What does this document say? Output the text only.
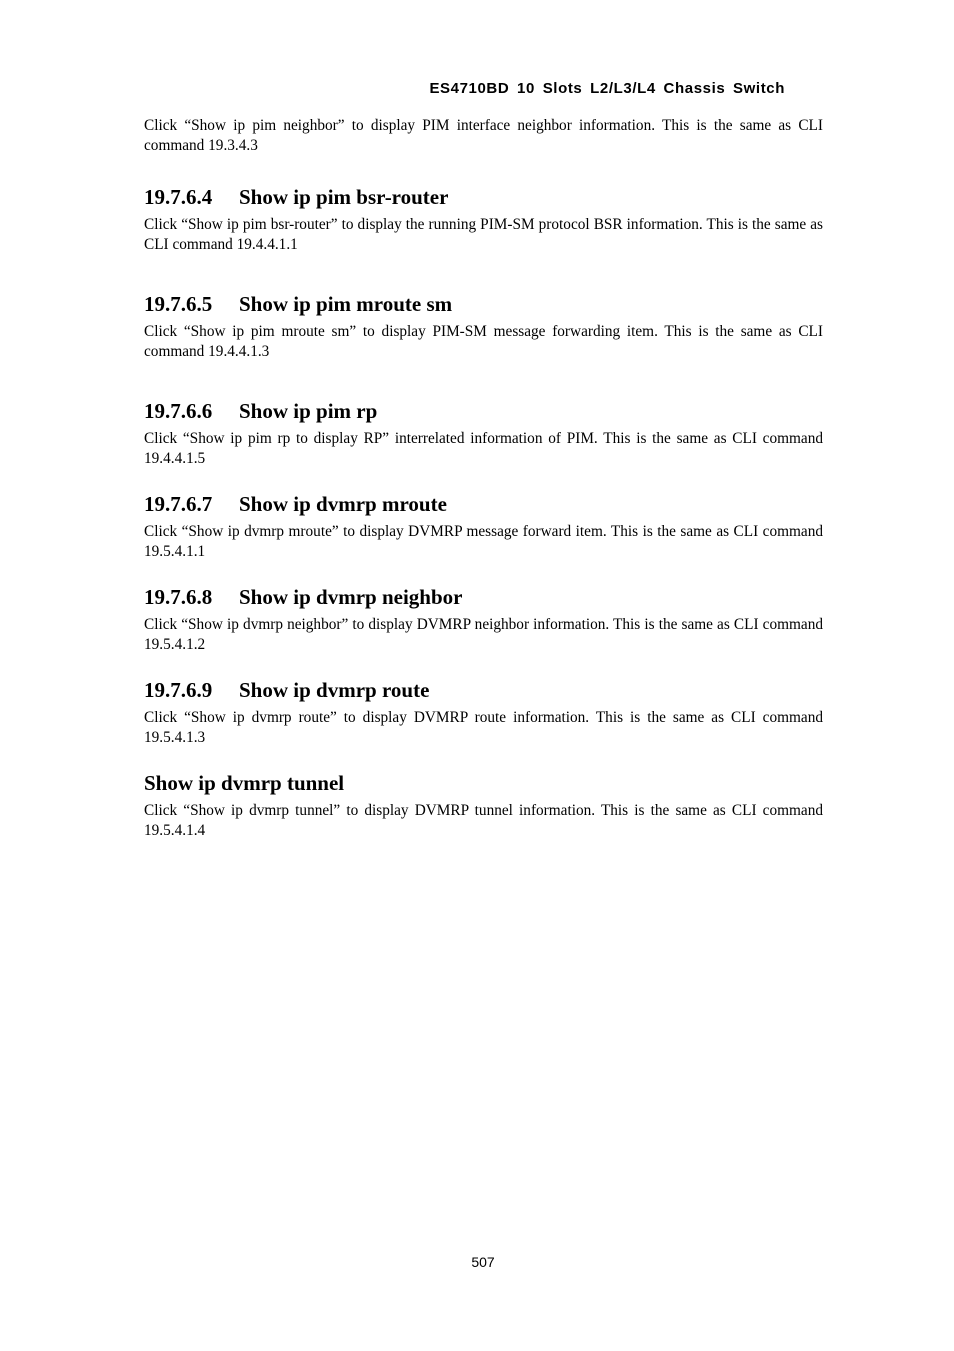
ES4710BD 10 Slots L2/L3/L4 Chassis Switch

Click “Show ip pim neighbor” to display PIM interface neighbor information. This is the same as CLI command 19.3.4.3

19.7.6.4	Show ip pim bsr-router

Click “Show ip pim bsr-router” to display the running PIM-SM protocol BSR information. This is the same as CLI command 19.4.4.1.1

19.7.6.5	Show ip pim mroute sm

Click “Show ip pim mroute sm” to display PIM-SM message forwarding item. This is the same as CLI command 19.4.4.1.3

19.7.6.6	Show ip pim rp

Click “Show ip pim rp to display RP” interrelated information of PIM. This is the same as CLI command 19.4.4.1.5

19.7.6.7	Show ip dvmrp mroute

Click “Show ip dvmrp mroute” to display DVMRP message forward item. This is the same as CLI command 19.5.4.1.1

19.7.6.8	Show ip dvmrp neighbor

Click “Show ip dvmrp neighbor” to display DVMRP neighbor information. This is the same as CLI command 19.5.4.1.2

19.7.6.9	Show ip dvmrp route

Click “Show ip dvmrp route” to display DVMRP route information. This is the same as CLI command 19.5.4.1.3

Show ip dvmrp tunnel

Click “Show ip dvmrp tunnel” to display DVMRP tunnel information. This is the same as CLI command 19.5.4.1.4

507
